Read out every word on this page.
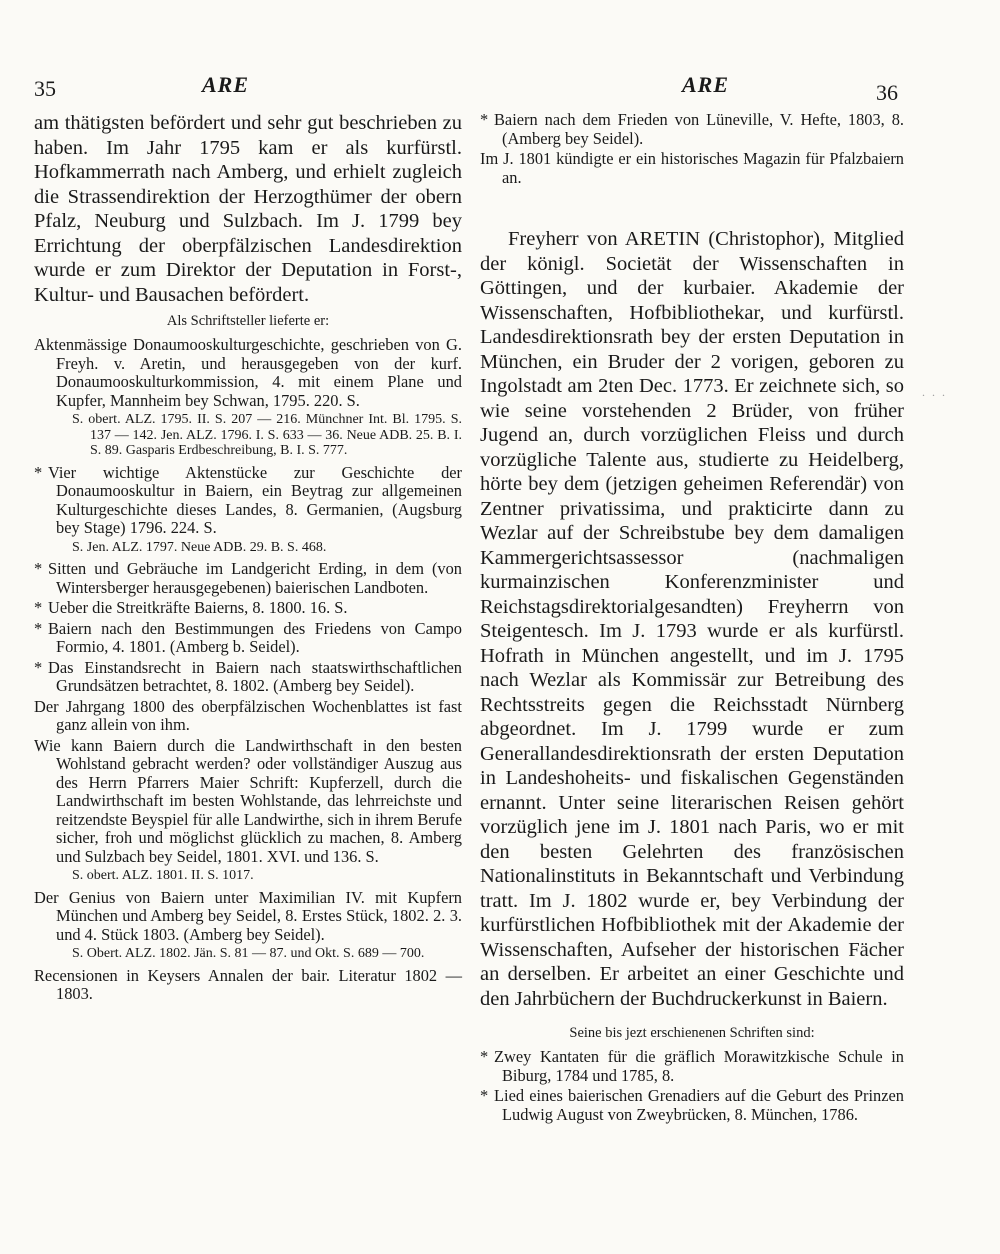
35	ARE	ARE	36

am thätigsten befördert und sehr gut beschrieben zu haben. Im Jahr 1795 kam er als kurfürstl. Hofkammerrath nach Amberg, und erhielt zugleich die Strassendirektion der Herzogthümer der obern Pfalz, Neuburg und Sulzbach. Im J. 1799 bey Errichtung der oberpfälzischen Landesdirektion wurde er zum Direktor der Deputation in Forst-, Kultur- und Bausachen befördert.

Als Schriftsteller lieferte er:
Aktenmässige Donaumooskulturgeschichte, geschrieben von G. Freyh. v. Aretin, und herausgegeben von der kurf. Donaumooskulturkommission, 4. mit einem Plane und Kupfer, Mannheim bey Schwan, 1795. 220. S.
S. obert. ALZ. 1795. II. S. 207 — 216. Münchner Int. Bl. 1795. S. 137 — 142. Jen. ALZ. 1796. I. S. 633 — 36. Neue ADB. 25. B. I. S. 89. Gasparis Erdbeschreibung, B. I. S. 777.
* Vier wichtige Aktenstücke zur Geschichte der Donaumooskultur in Baiern, ein Beytrag zur allgemeinen Kulturgeschichte dieses Landes, 8. Germanien, (Augsburg bey Stage) 1796. 224. S.
S. Jen. ALZ. 1797. Neue ADB. 29. B. S. 468.
* Sitten und Gebräuche im Landgericht Erding, in dem (von Wintersberger herausgegebenen) baierischen Landboten.
* Ueber die Streitkräfte Baierns, 8. 1800. 16. S.
* Baiern nach den Bestimmungen des Friedens von Campo Formio, 4. 1801. (Amberg b. Seidel).
* Das Einstandsrecht in Baiern nach staatswirthschaftlichen Grundsätzen betrachtet, 8. 1802. (Amberg bey Seidel).
Der Jahrgang 1800 des oberpfälzischen Wochenblattes ist fast ganz allein von ihm.
Wie kann Baiern durch die Landwirthschaft in den besten Wohlstand gebracht werden? oder vollständiger Auszug aus des Herrn Pfarrers Maier Schrift: Kupferzell, durch die Landwirthschaft im besten Wohlstande, das lehrreichste und reitzendste Beyspiel für alle Landwirthe, sich in ihrem Berufe sicher, froh und möglichst glücklich zu machen, 8. Amberg und Sulzbach bey Seidel, 1801. XVI. und 136. S.
S. obert. ALZ. 1801. II. S. 1017.
Der Genius von Baiern unter Maximilian IV. mit Kupfern München und Amberg bey Seidel, 8. Erstes Stück, 1802. 2. 3. und 4. Stück 1803. (Amberg bey Seidel).
S. Obert. ALZ. 1802. Jän. S. 81 — 87. und Okt. S. 689 — 700.
Recensionen in Keysers Annalen der bair. Literatur 1802 — 1803.
* Baiern nach dem Frieden von Lüneville, V. Hefte, 1803, 8. (Amberg bey Seidel).
Im J. 1801 kündigte er ein historisches Magazin für Pfalzbaiern an.

Freyherr von ARETIN (Christophor), Mitglied der königl. Societät der Wissenschaften in Göttingen, und der kurbaier. Akademie der Wissenschaften, Hofbibliothekar, und kurfürstl. Landesdirektionsrath bey der ersten Deputation in München, ein Bruder der 2 vorigen, geboren zu Ingolstadt am 2ten Dec. 1773. Er zeichnete sich, so wie seine vorstehenden 2 Brüder, von früher Jugend an, durch vorzüglichen Fleiss und durch vorzügliche Talente aus, studierte zu Heidelberg, hörte bey dem (jetzigen geheimen Referendär) von Zentner privatissima, und prakticirte dann zu Wezlar auf der Schreibstube bey dem damaligen Kammergerichtsassessor (nachmaligen kurmainzischen Konferenzminister und Reichstagsdirektorialgesandten) Freyherrn von Steigentesch. Im J. 1793 wurde er als kurfürstl. Hofrath in München angestellt, und im J. 1795 nach Wezlar als Kommissär zur Betreibung des Rechtsstreits gegen die Reichsstadt Nürnberg abgeordnet. Im J. 1799 wurde er zum Generallandesdirektionsrath der ersten Deputation in Landeshoheits- und fiskalischen Gegenständen ernannt. Unter seine literarischen Reisen gehört vorzüglich jene im J. 1801 nach Paris, wo er mit den besten Gelehrten des französischen Nationalinstituts in Bekanntschaft und Verbindung tratt. Im J. 1802 wurde er, bey Verbindung der kurfürstlichen Hofbibliothek mit der Akademie der Wissenschaften, Aufseher der historischen Fächer an derselben. Er arbeitet an einer Geschichte und den Jahrbüchern der Buchdruckerkunst in Baiern.

Seine bis jezt erschienenen Schriften sind:
* Zwey Kantaten für die gräflich Morawitzkische Schule in Biburg, 1784 und 1785, 8.
* Lied eines baierischen Grenadiers auf die Geburt des Prinzen Ludwig August von Zweybrücken, 8. München, 1786.
. . .
